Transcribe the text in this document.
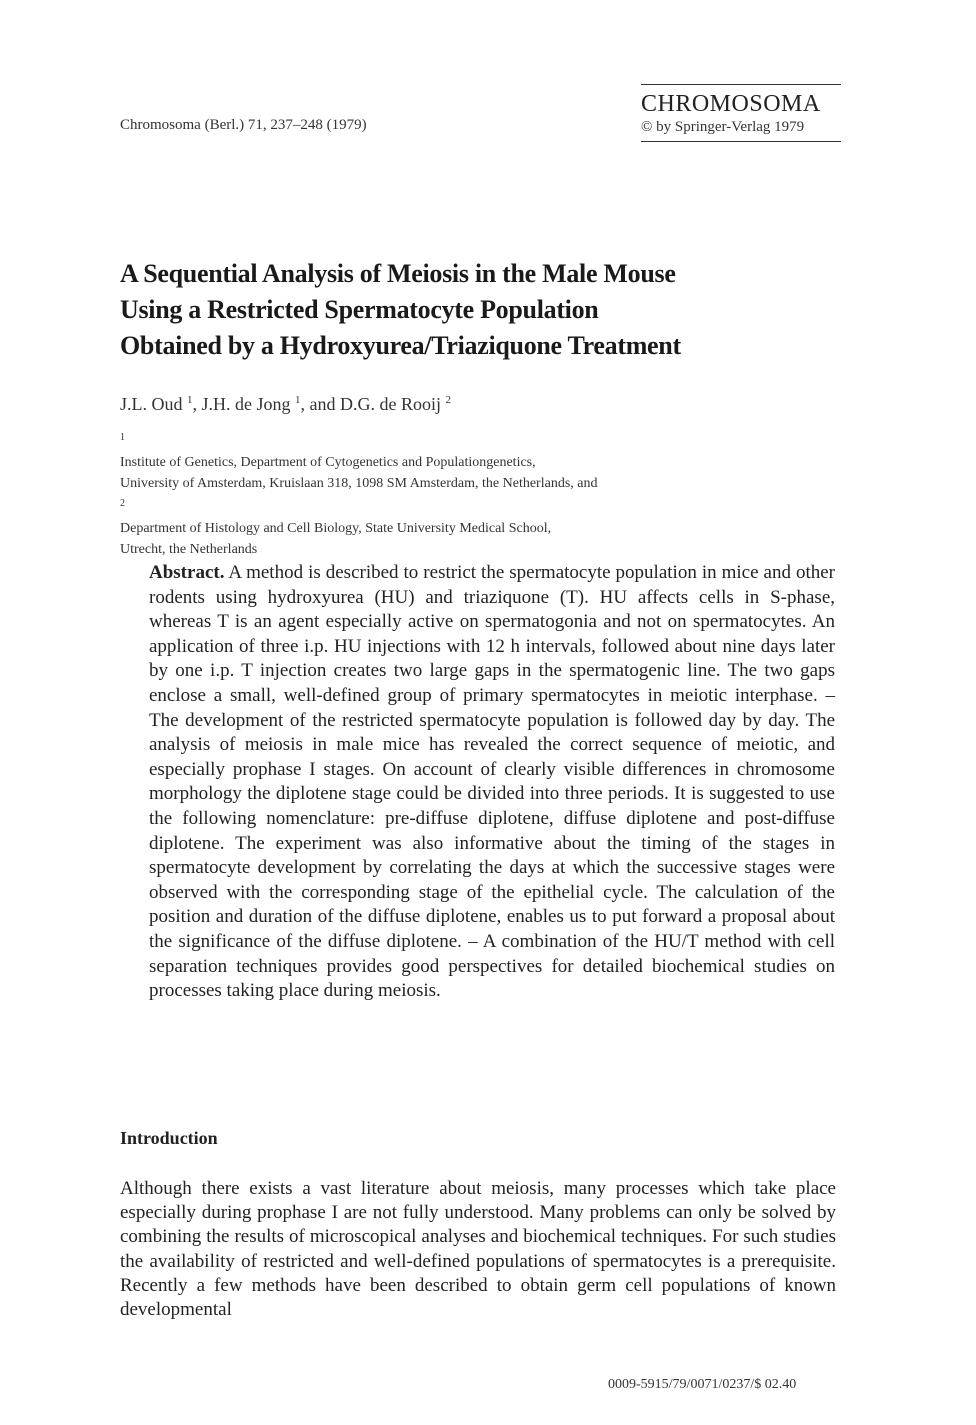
Chromosoma (Berl.) 71, 237–248 (1979)
CHROMOSOMA
© by Springer-Verlag 1979
A Sequential Analysis of Meiosis in the Male Mouse
Using a Restricted Spermatocyte Population
Obtained by a Hydroxyurea/Triaziquone Treatment
J.L. Oud $^1$, J.H. de Jong $^1$, and D.G. de Rooij $^2$
$^1$
Institute of Genetics, Department of Cytogenetics and Populationgenetics,
University of Amsterdam, Kruislaan 318, 1098 SM Amsterdam, the Netherlands, and
$^2$
Department of Histology and Cell Biology, State University Medical School,
Utrecht, the Netherlands
Abstract. A method is described to restrict the spermatocyte population in mice and other rodents using hydroxyurea (HU) and triaziquone (T). HU affects cells in S-phase, whereas T is an agent especially active on spermatogonia and not on spermatocytes. An application of three i.p. HU injections with 12 h intervals, followed about nine days later by one i.p. T injection creates two large gaps in the spermatogenic line. The two gaps enclose a small, well-defined group of primary spermatocytes in meiotic interphase. – The development of the restricted spermatocyte population is followed day by day. The analysis of meiosis in male mice has revealed the correct sequence of meiotic, and especially prophase I stages. On account of clearly visible differences in chromosome morphology the diplotene stage could be divided into three periods. It is suggested to use the following nomenclature: pre-diffuse diplotene, diffuse diplotene and post-diffuse diplotene. The experiment was also informative about the timing of the stages in spermatocyte development by correlating the days at which the successive stages were observed with the corresponding stage of the epithelial cycle. The calculation of the position and duration of the diffuse diplotene, enables us to put forward a proposal about the significance of the diffuse diplotene. – A combination of the HU/T method with cell separation techniques provides good perspectives for detailed biochemical studies on processes taking place during meiosis.
Introduction
Although there exists a vast literature about meiosis, many processes which take place especially during prophase I are not fully understood. Many problems can only be solved by combining the results of microscopical analyses and biochemical techniques. For such studies the availability of restricted and well-defined populations of spermatocytes is a prerequisite. Recently a few methods have been described to obtain germ cell populations of known developmental
0009-5915/79/0071/0237/$ 02.40
